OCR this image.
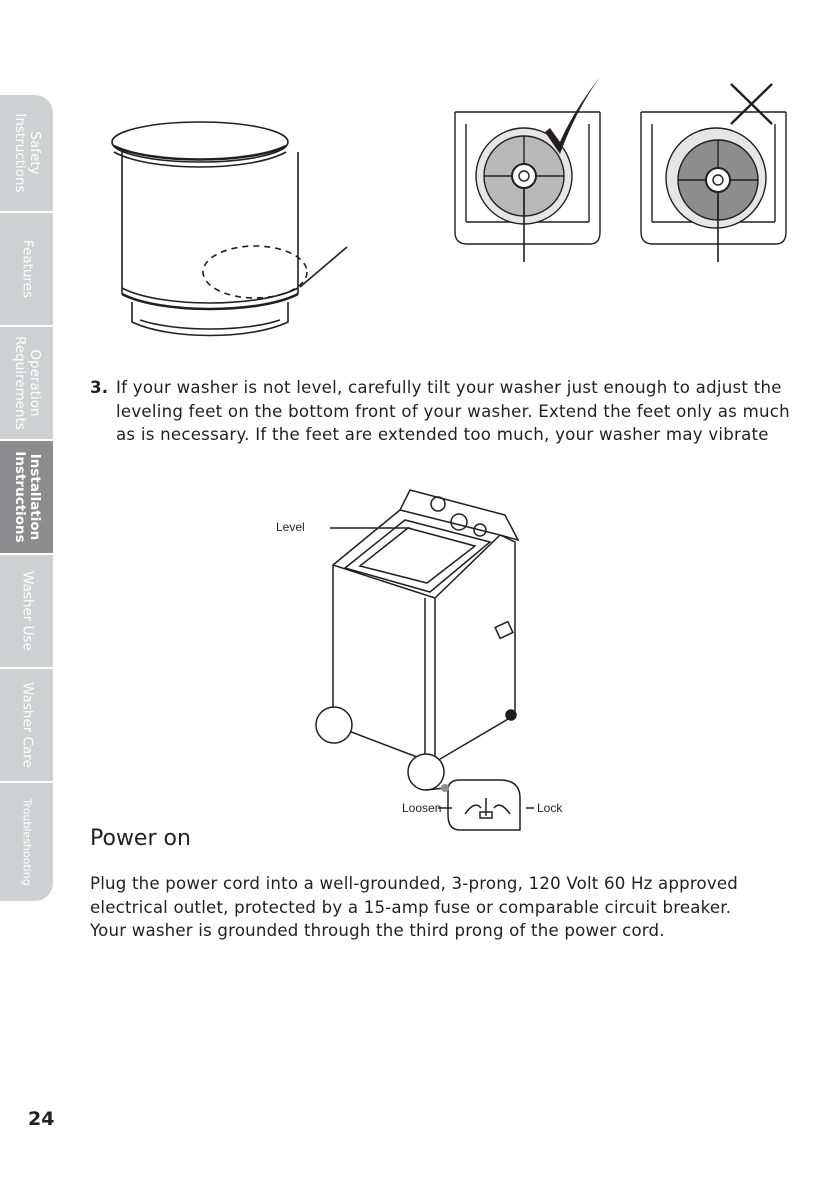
Safety
Instructions
Features
Operation
Requirements
Installation
Instructions
Washer Use
Washer Care
Troubleshooting
3. If your washer is not level, carefully tilt your washer just enough to adjust the leveling feet on the bottom front of your washer. Extend the feet only as much as is necessary. If the feet are extended too much, your washer may vibrate
Level
Loosen	Lock
Power on
Plug the power cord into a well-grounded, 3-prong, 120 Volt 60 Hz approved electrical outlet, protected by a 15-amp fuse or comparable circuit breaker. Your washer is grounded through the third prong of the power cord.
24
